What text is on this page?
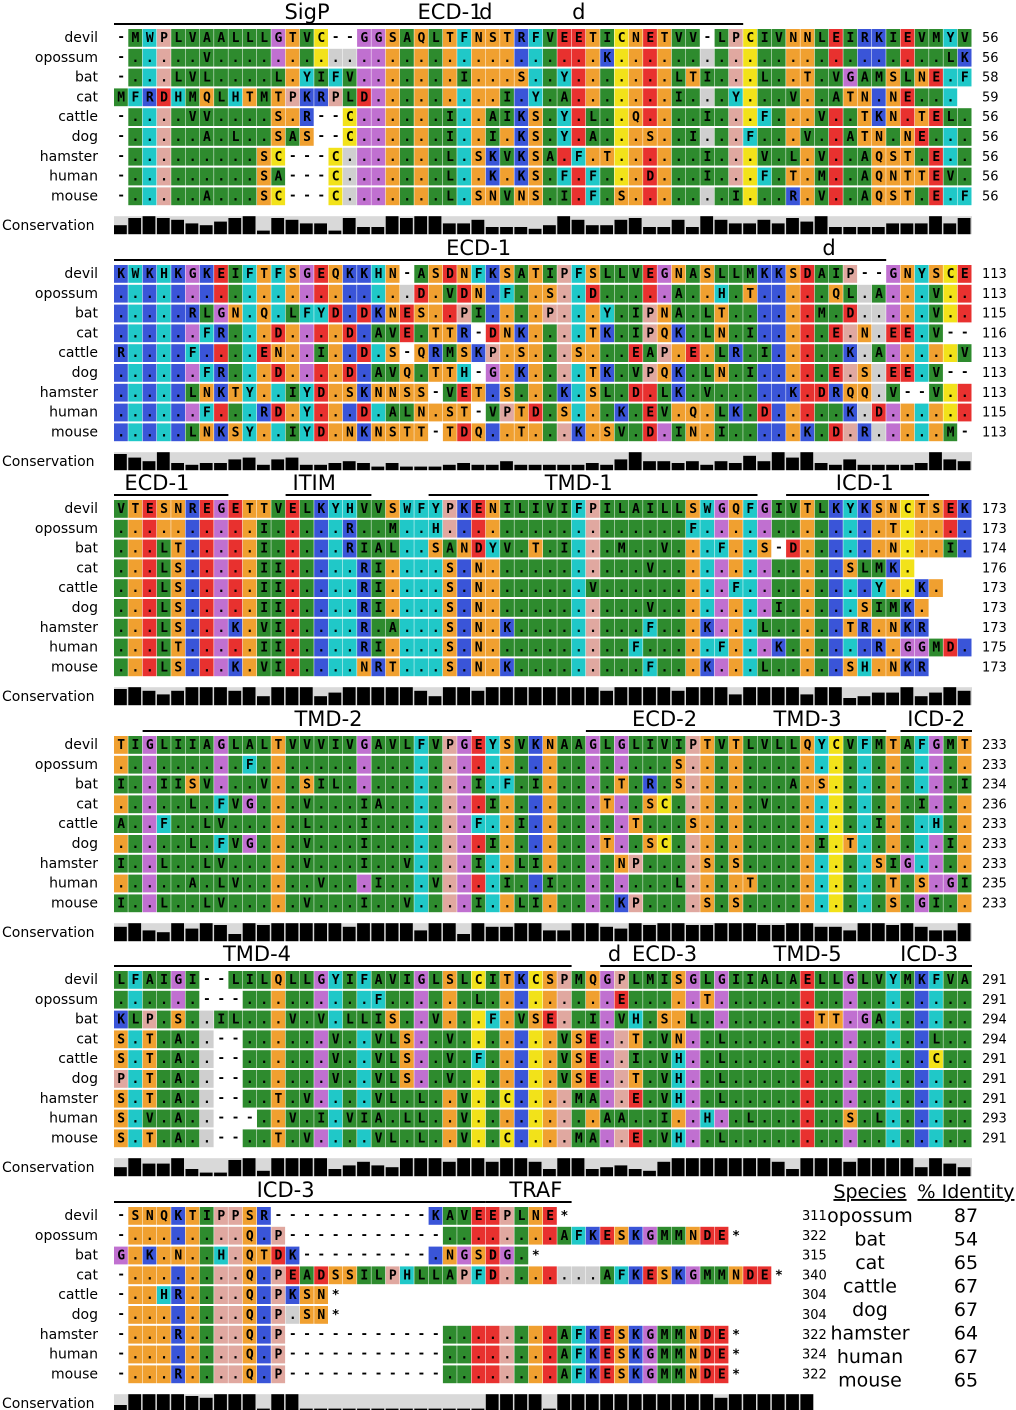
SigP	ECD-1
d	d
devil - M W P L V A A L L L G T V C - - G G S A Q L T F N S T R F V E E T I C N E T V V - L P C I V N N L E I R K I E V M Y V 56
opossum - . . . . . V . . . . . . . . . . . . . . . . . . . . . . . . . . . K . . . . . . . . . . . . . . . . . . . . . . . L K 56
bat - . . . L V L . . . . L . Y I F V . . . . . . . I . . . S . . Y . . . . . . . L T I . . . L . . T . V G A M S L N E . F 58
cat M F R D H M Q L H T M T P K R P L D . . . . . . . . . I . Y . A . . . . . . . I . . . Y . . . V . . A T N . N E . . . 59
cattle - . . . . V V . . . . S . R - - C . . . . . . I . . A I K S . Y . L . . Q . . . . I . . . F . . . V . . T K N . T E L . 56
dog - . . . . . A . L . . S A S - - C . . . . . . I . . I . K S . Y . A . . . S . . I . . . F . . . V . . A T N . N E . . . 56
hamster - . . . . . . . . . S C - - - C . . . . . . . L . S K V K S A . F . T . . . . . . I . . . V . L . V . . A Q S T . E . . 56
human - . . . . . . . . . S A - - - C . . . . . . . L . . K . K S . F . F . . . D . . . I . . . F . T . M . . A Q N T T E V . 56
mouse - . . . . . A . . . S C - - - C . . . . . . . L . S N V N S . I . F . S . . . . . . . I . . . R . V . . A Q S T . E . F 56
Conservation
ECD-1	d
devil K W K H K G K E I F T F S G E Q K K H N - A S D N F K S A T I P F S L L V E G N A S L L M K K S D A I P - - G N Y S C E 113
opossum . . . . . . . . . . . . . . . . . . . . . D . V D N . F . . S . . D . . . . . A . . H . T . . . . . Q L . A . . . V . . 113
bat . . . . . R L G N . Q . L F Y D . D K N E S . . P I . . . . P . . . Y . I P N A . L T . . . . . . M . D . . . . . V . . 115
cat . . . . . . F R . . . D . . . . D . A V E . T T R - D N K . . . . T K . I P Q K . L N . I . . . . . E . N . E E . V - - 116
cattle R . . . . F . . . . E N . . I . . D . S - Q R M S K P . S . . . S . . . E A P . E . L R . I . . . . . K . A . . . . . V 113
dog . . . . . . F R . . . D . . . . D . A V Q . T T H - G . K . . . . T K . V P Q K . L N . I . . . . . E . S . E E . V - - 113
hamster . . . . . L N K T Y . . I Y D . S K N N S S - V E T . S . . . K . S L . D . L K . V . . . . . K . D R Q Q . V - - V . . 113
human . . . . . . F . . . R D . Y . . . D . A L N . S T - V P T D . S . . . K . E V . Q . L K . D . . . . . K . D . . . . . . 115
mouse . . . . . L N K S Y . . I Y D . N K N S T T - T D Q . . T . . . K . S V . D . I N . I . . . . . K . D . R . . . . . M - 113
Conservation
ECD-1	ITIM	TMD-1	ICD-1
devil V T E S N R E G E T T V E L K Y H V V S W F Y P K E N I L I V I F P I L A I L L S W G Q F G I V T L K Y K S N C T S E K 173
opossum . . . . . . . . . . I . . . . . R . . M . . H . . . . . . . . . . . . . . . . . F . . . . . . . . . . . . . T . . . . . 173
bat . . . L T . . . . . I . . . . . R I A L . . S A N D Y V . T . I . . . M . . V . . . F . . S - D . . . . . . N . . . I . 174
cat . . . L S . . . . . I I . . . . . R I . . . . S . N . . . . . . . . . . . V . . . . . . . . . . . . . S L M K .	176
cattle . . . L S . . . . . I I . . . . . R I . . . . S . N . . . . . . . V . . . . . . . . . F . . . . . . . . . Y . . K .	173
dog . . . L S . . . . . I I . . . . . R I . . . . S . N . . . . . . . . . . . V . . . . . . . . I . . . . . S I M K .	173
hamster . . . L S . . . K . V I . . . . . R . A . . . S . N . K . . . . . . . . . F . . . K . . . L . . . . . T R . N K R	173
human . . . L T . . . . . I I . . . . . R I . . . . S . N . . . . . . . . . . F . . . . . F . . . K . . . . . . R . G G M D . 175
mouse . . . L S . . . K . V I . . . . . N R T . . . S . N . K . . . . . . . . . F . . . K . . . L . . . . . S H . N K R	173
Conservation
TMD-2	ECD-2	TMD-3	ICD-2
devil T I G L I I A G L A L T V V V I V G A V L F V P G E Y S V K N A A G L G L I V I P T V T L V L L Q Y C V F M T A F G M T 233
opossum . . . . . . . . . F . . . . . . . . . . . . . . . . . . . . . . . . . . . . . S . . . . . . . . . . . . . . . . . . . . 233
bat I . . I I S V . . . V . . S I L . . . . . . . . . I . F . I . . . . . T . R . S . . . . . . . A . S . . . . . . . . . I 234
cat . . . . . L . F V G . . . V . . . I A . . . . . . . I . . . . . . . T . . S C . . . . . . V . . . . . . . . . . I . . . 236
cattle A . . F . . L V . . . . . L . . . I . . . . . . . F . . I . . . . . . . T . . . S . . . . . . . . . . . . I . . . H . . 233
dog . . . . . L . F V G . . . V . . . I . . . . . . . . I . . . . . . . T . . S C . . . . . . . . . . I . T . . . . . . I . 233
hamster I . . L . . L V . . . . . V . . . I . . V . . . . I . . L I . . . . . N P . . . . S . S . . . . . . . . . S I G . . . . 233
human . . . . . A . L V . . . . . V . . . I . . . V . . . . I . . I . . . . . . . . L . . . . T . . . . . . . . . T . S . G I 235
mouse I . . L . . L V . . . . . V . . . I . . V . . . . I . . L I . . . . . K P . . . . S . S . . . . . . . . . . S . G I . . 233
Conservation
TMD-4	d ECD-3	TMD-5	ICD-3
devil L F A I G I - - L I L Q L L G Y I F A V I G L S L C I T K C S P M Q G P L M I S G L G I I A L A E L L G L V Y M K F V A 291
opossum . . . . . . - - - . . . . . . . . . F . . . . . . L . . . . . . . . . E . . . . . T . . . . . . . . . . . . . . . . . . 291
bat K L P . S . . I L . . . V . V . L L I S . . V . . . F . V S E . . I . V H . S . L . . . . . . . . T T . G A . . . . . . 294
cat S . T . A . . - - . . . . . . V . . V L S . . V . . . . . . . V S E . . T . V N . . L . . . . . . . . . . . . . . L . . 294
cattle S . T . A . . - - . . . . . . V . . V L S . . V . F . . . . . V S E . . I . V H . . L . . . . . . . . . . . . . . C . . 291
dog P . T . A . . - - . . . . . . V . . V L S . . V . . . . . . . V S E . . T . V H . . L . . . . . . . . . . . . . . . . . 291
hamster S . T . A . . - - . . T . V . . . . V L . L . . V . . C . . . . M A . . E . V H . . L . . . . . . . . . . . . . . . . . 291
human S . V . A . . - - - . . V . I . V I A . L L . . V . . . . . . . . . A A . . I . . H . . L . . . . . . S . L . . . . . . 293
mouse S . T . A . . - - . . T . V . . . . V L . L . . V . . C . . . . M A . . E . V H . . L . . . . . . . . . . . . . . . . . 291
Conservation
ICD-3	TRAF
devil - S N Q K T I P P S R - - - - - - - - - - - K A V E E P L N E *	311
opossum - . . . . . . . . Q . P - - - - - - - - - - - . . . . . . . . A F K E S K G M M N D E *	322
bat G . K . N . . H . Q T D K - - - - - - - - - . N G S D G . *	315
cat - . . . . . . . . Q . P E A D S S I L P H L L A P F D . . . . . . . A F K E S K G M M N D E * 340
cattle - . . H R . . . . Q . P K S N *	304
dog - . . . . . . . . Q . P . S N *	304
hamster - . . . R . . . . Q . P - - - - - - - - - - - . . . . . . . . A F K E S K G M M N D E *	322
human - . . . . . . . . Q . P - - - - - - - - - - - . . . . . . . . A F K E S K G M M N D E *	324
mouse - . . . R . . . . Q . P - - - - - - - - - - - . . . . . . . . A F K E S K G M M N D E *	322
Conservation
Species % Identity
opossum 87
bat	54
cat	65
cattle	67
dog	67
hamster 64
human	67
mouse	65
